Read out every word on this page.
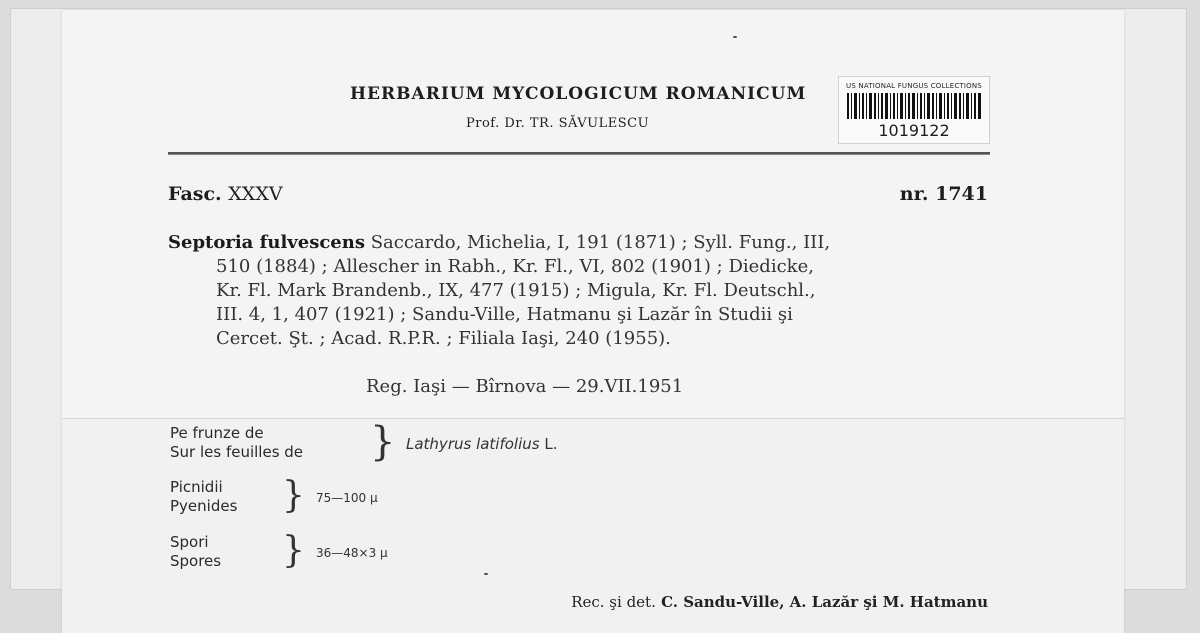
HERBARIUM MYCOLOGICUM ROMANICUM
Prof. Dr. TR. SĂVULESCU
US NATIONAL FUNGUS COLLECTIONS
1019122
Fasc. XXXV	nr. 1741
Septoria fulvescens Saccardo, Michelia, I, 191 (1871) ; Syll. Fung., III,
510 (1884) ; Allescher in Rabh., Kr. Fl., VI, 802 (1901) ; Diedicke,
Kr. Fl. Mark Brandenb., IX, 477 (1915) ; Migula, Kr. Fl. Deutschl.,
III. 4, 1, 407 (1921) ; Sandu-Ville, Hatmanu şi Lazăr în Studii şi
Cercet. Şt. ; Acad. R.P.R. ; Filiala Iaşi, 240 (1955).
Reg. Iaşi — Bîrnova — 29.VII.1951
Pe frunze de
Sur les feuilles de } Lathyrus latifolius L.
Picnidii
Pyenides } 75—100 μ
Spori
Spores } 36—48×3 μ
Rec. şi det. C. Sandu-Ville, A. Lazăr şi M. Hatmanu
